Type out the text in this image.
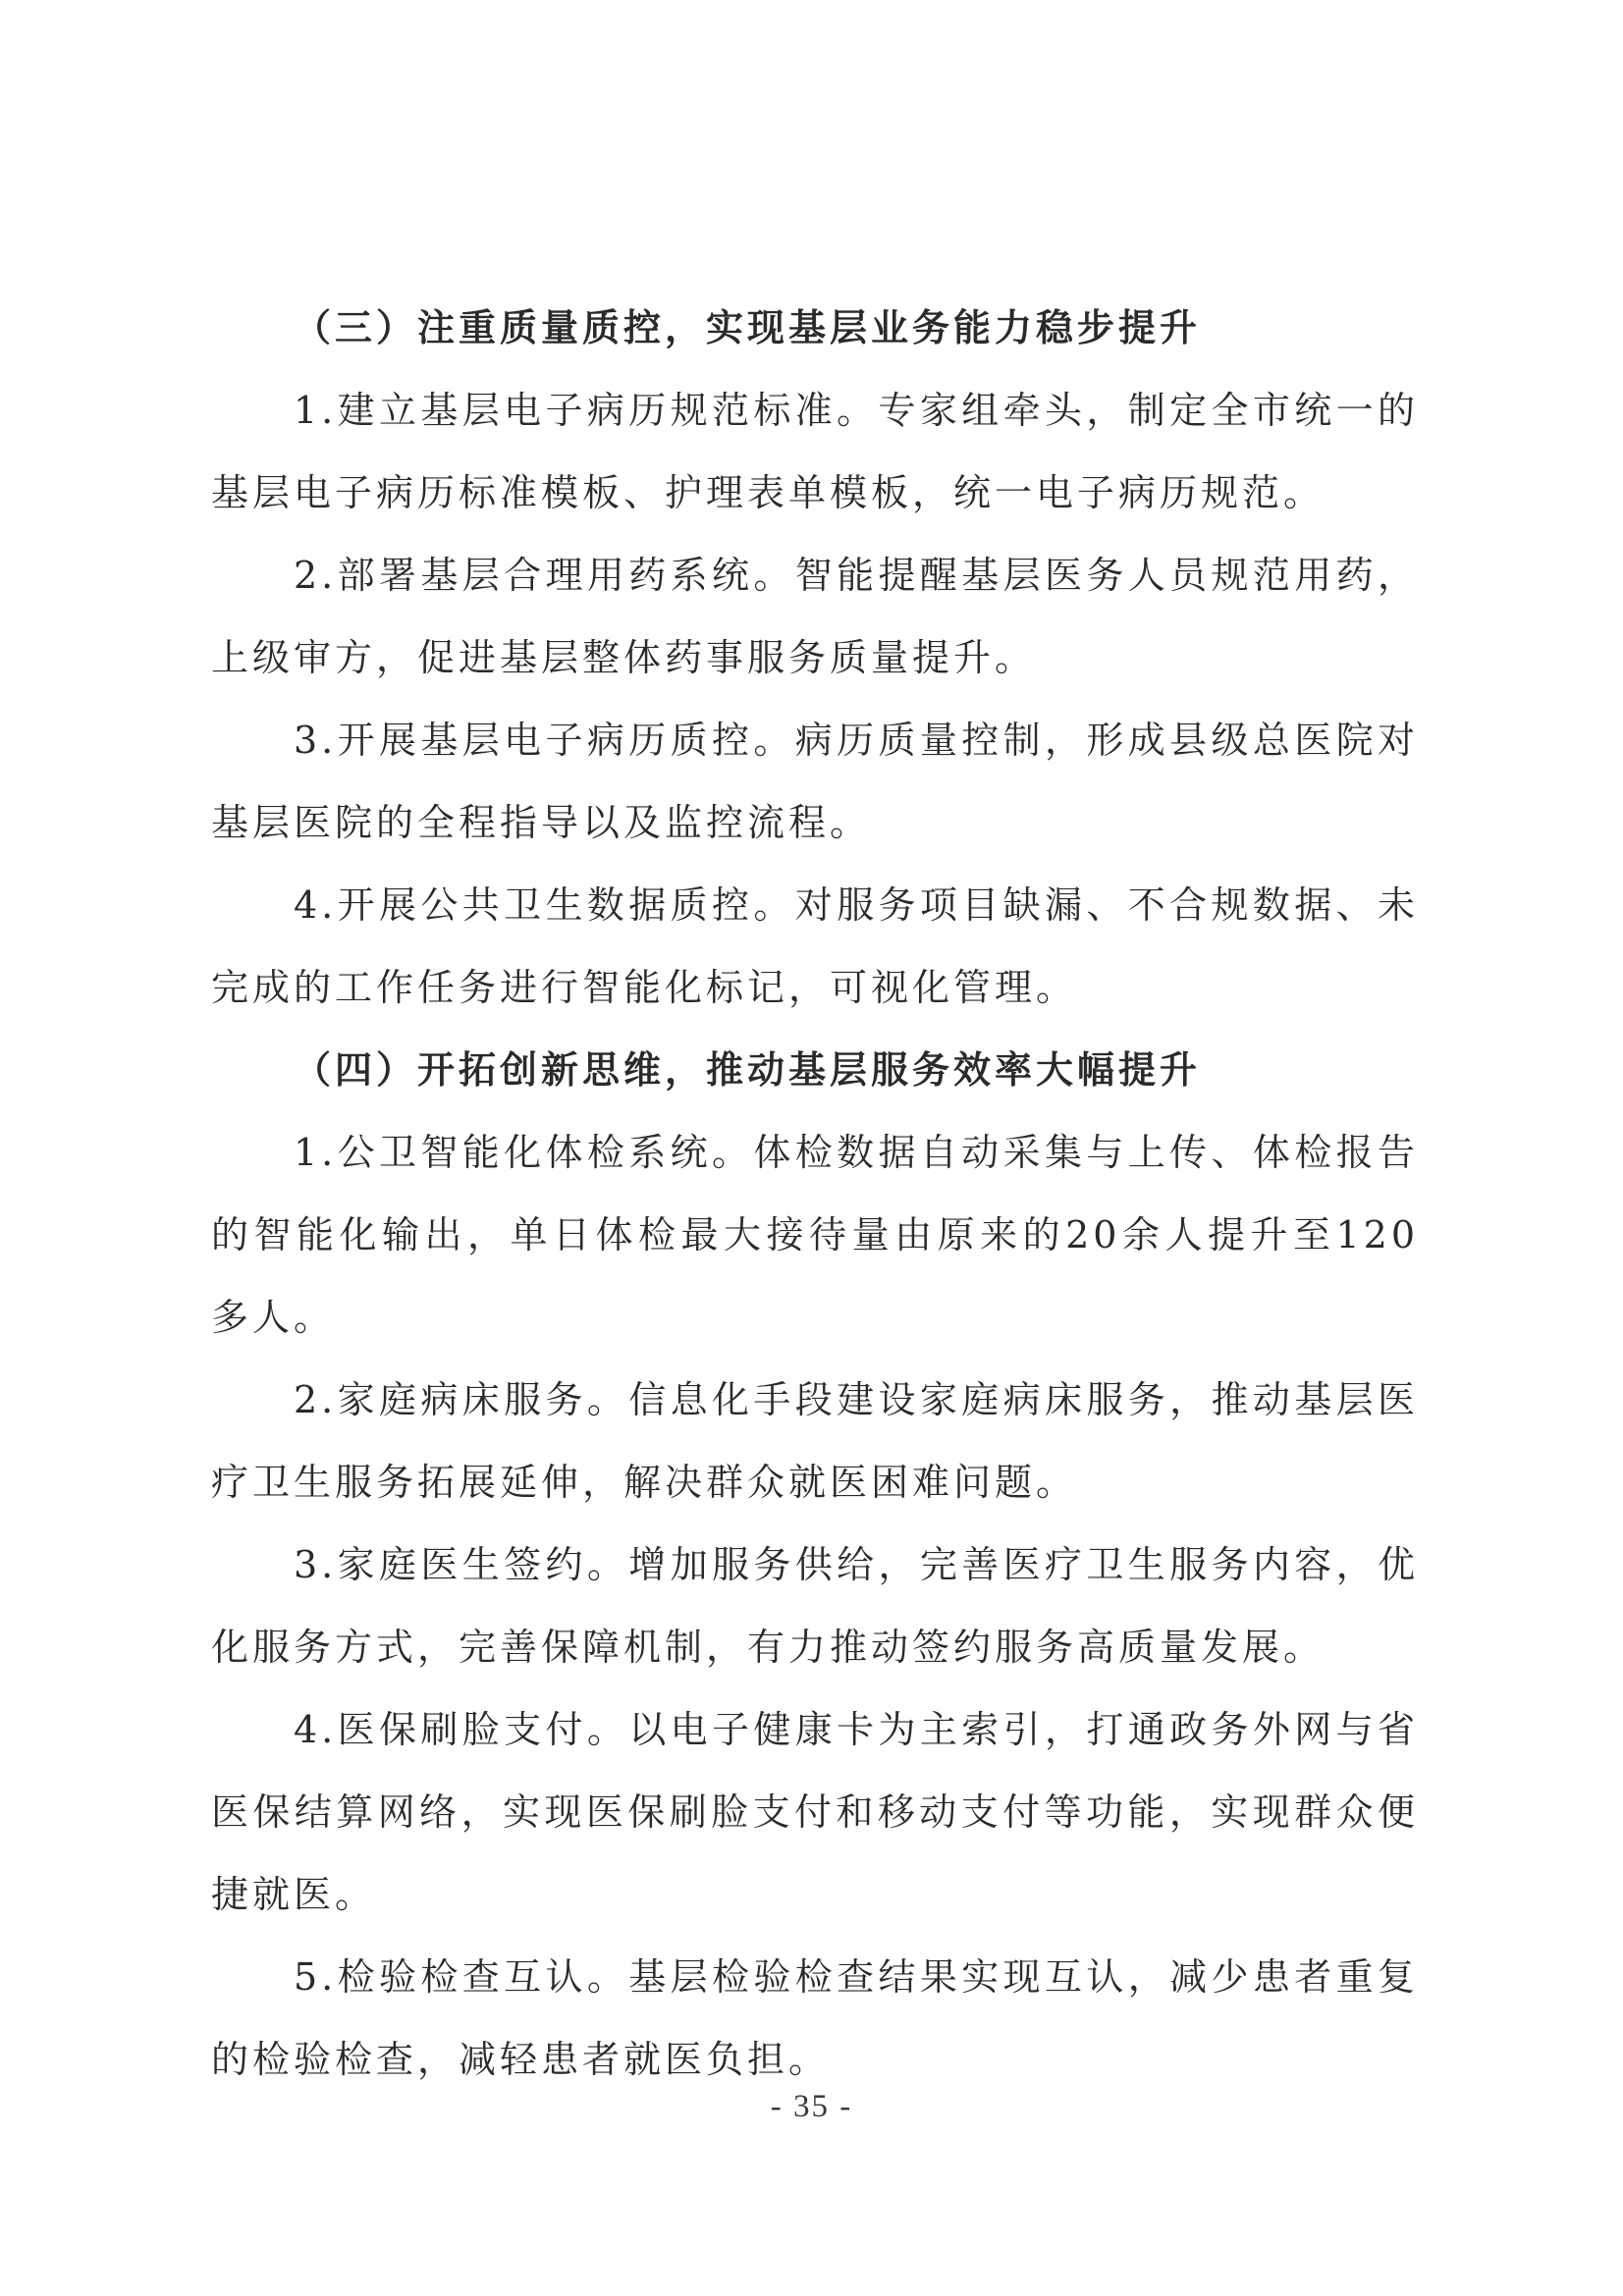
（三）注重质量质控，实现基层业务能力稳步提升

1.建立基层电子病历规范标准。专家组牵头，制定全市统一的基层电子病历标准模板、护理表单模板，统一电子病历规范。

2.部署基层合理用药系统。智能提醒基层医务人员规范用药，上级审方，促进基层整体药事服务质量提升。

3.开展基层电子病历质控。病历质量控制，形成县级总医院对基层医院的全程指导以及监控流程。

4.开展公共卫生数据质控。对服务项目缺漏、不合规数据、未完成的工作任务进行智能化标记，可视化管理。

（四）开拓创新思维，推动基层服务效率大幅提升

1.公卫智能化体检系统。体检数据自动采集与上传、体检报告的智能化输出，单日体检最大接待量由原来的20余人提升至120多人。

2.家庭病床服务。信息化手段建设家庭病床服务，推动基层医疗卫生服务拓展延伸，解决群众就医困难问题。

3.家庭医生签约。增加服务供给，完善医疗卫生服务内容，优化服务方式，完善保障机制，有力推动签约服务高质量发展。

4.医保刷脸支付。以电子健康卡为主索引，打通政务外网与省医保结算网络，实现医保刷脸支付和移动支付等功能，实现群众便捷就医。

5.检验检查互认。基层检验检查结果实现互认，减少患者重复的检验检查，减轻患者就医负担。

- 35 -
